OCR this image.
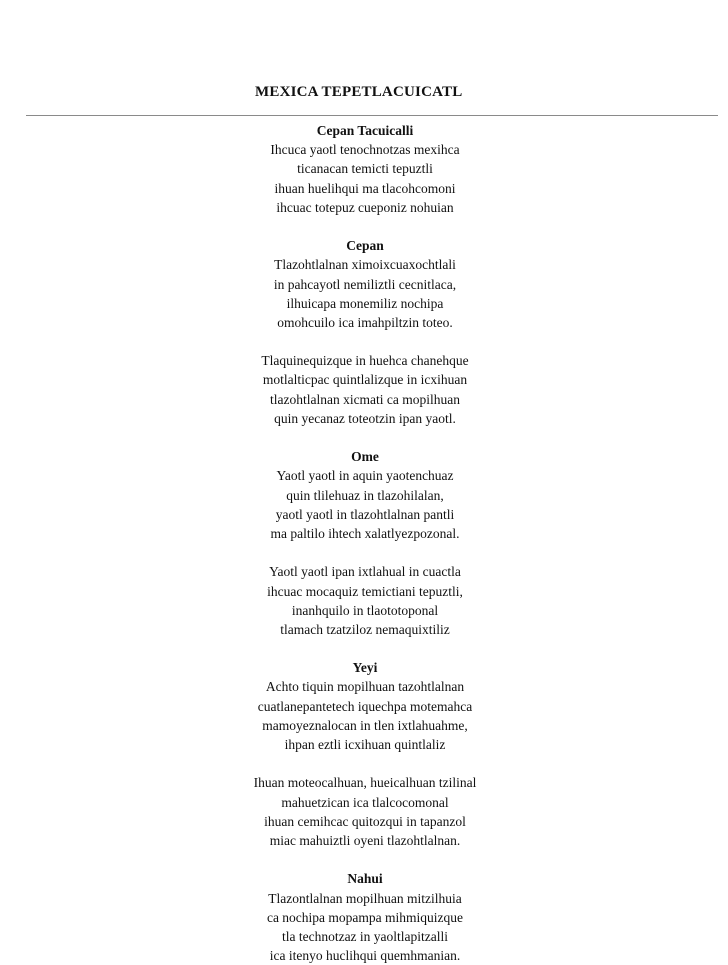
MEXICA TEPETLACUICATL
Cepan Tacuicalli
Ihcuca yaotl tenochnotzas mexihca
ticanacan temicti tepuztli
ihuan huelihqui ma tlacohcomoni
ihcuac totepuz cueponiz nohuian
Cepan
Tlazohtlalnan ximoixcuaxochtlali
in pahcayotl nemiliztli cecnitlaca,
ilhuicapa monemiliz nochipa
omohcuilo ica imahpiltzin toteo.
Tlaquinequizque in huehca chanehque
motlalticpac quintlalizque in icxihuan
tlazohtlalnan xicmati ca mopilhuan
quin yecanaz toteotzin ipan yaotl.
Ome
Yaotl yaotl in aquin yaotenchuaz
quin tlilehuaz in tlazohilalan,
yaotl yaotl in tlazohtlalnan pantli
ma paltilo ihtech xalatlyezpozonal.
Yaotl yaotl ipan ixtlahual in cuactla
ihcuac mocaquiz temictiani tepuztli,
inanhquilo in tlaototoponal
tlamach tzatziloz nemaquixtiliz
Yeyi
Achto tiquin mopilhuan tazohtlalnan
cuatlanepantetech iquechpa motemahca
mamoyeznalocan in tlen ixtlahuahme,
ihpan eztli icxihuan quintlaliz
Ihuan moteocalhuan, hueicalhuan tzilinal
mahuetzican ica tlalcocomonal
ihuan cemihcac quitozqui in tapanzol
miac mahuiztli oyeni tlazohtlalnan.
Nahui
Tlazontlalnan mopilhuan mitzilhuia
ca nochipa mopampa mihmiquizque
tla technotzaz in yaoltlapitzalli
ica itenyo huclihqui quemhmanian.
